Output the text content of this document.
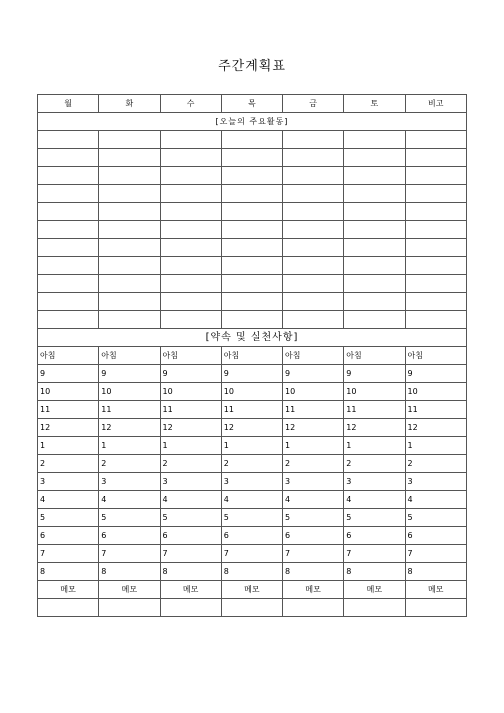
주간계획표
월	화	수	목	금	토	비고
[오늘의 주요활동]						

[약속 및 실천사항]						
아침	아침	아침	아침	아침	아침	아침
9	9	9	9	9	9	9
10	10	10	10	10	10	10
11	11	11	11	11	11	11
12	12	12	12	12	12	12
1	1	1	1	1	1	1
2	2	2	2	2	2	2
3	3	3	3	3	3	3
4	4	4	4	4	4	4
5	5	5	5	5	5	5
6	6	6	6	6	6	6
7	7	7	7	7	7	7
8	8	8	8	8	8	8
메모	메모	메모	메모	메모	메모	메모
